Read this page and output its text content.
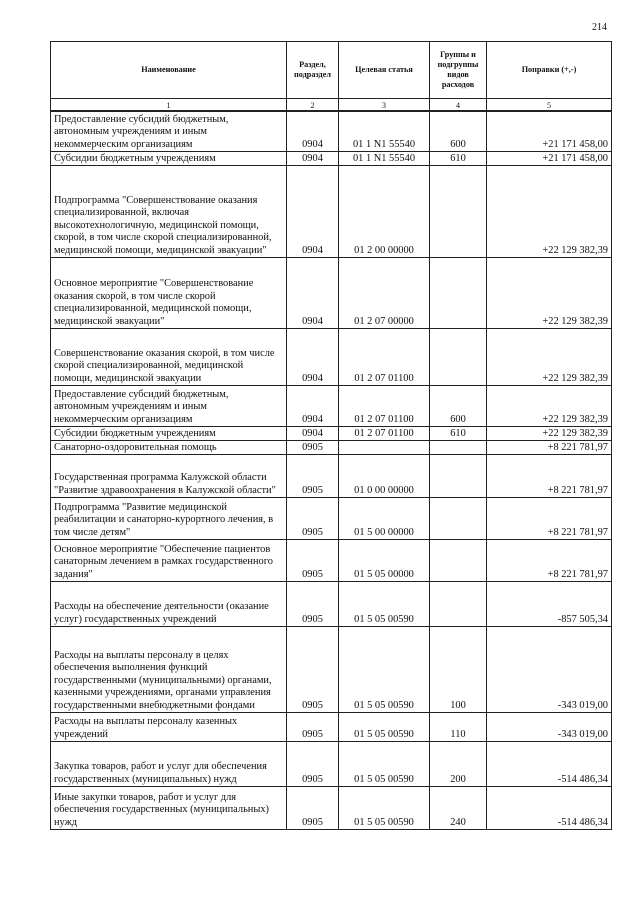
214
Наименование	Раздел, подраздел	Целевая статья	Группы и подгруппы видов расходов	Поправки (+,-)
1	2	3	4	5
Предоставление субсидий бюджетным, автономным учреждениям и иным некоммерческим организациям	0904	01 1 N1 55540	600	+21 171 458,00
Субсидии бюджетным учреждениям	0904	01 1 N1 55540	610	+21 171 458,00
Подпрограмма "Совершенствование оказания специализированной, включая высокотехнологичную, медицинской помощи, скорой, в том числе скорой специализированной, медицинской помощи, медицинской эвакуации"	0904	01 2 00 00000		+22 129 382,39
Основное мероприятие "Совершенствование оказания скорой, в том числе скорой специализированной, медицинской помощи, медицинской эвакуации"	0904	01 2 07 00000		+22 129 382,39
Совершенствование оказания скорой, в том числе скорой специализированной, медицинской помощи, медицинской эвакуации	0904	01 2 07 01100		+22 129 382,39
Предоставление субсидий бюджетным, автономным учреждениям и иным некоммерческим организациям	0904	01 2 07 01100	600	+22 129 382,39
Субсидии бюджетным учреждениям	0904	01 2 07 01100	610	+22 129 382,39
Санаторно-оздоровительная помощь	0905			+8 221 781,97
Государственная программа Калужской области "Развитие здравоохранения в Калужской области"	0905	01 0 00 00000		+8 221 781,97
Подпрограмма "Развитие медицинской реабилитации и санаторно-курортного лечения, в том числе детям"	0905	01 5 00 00000		+8 221 781,97
Основное мероприятие "Обеспечение пациентов санаторным лечением в рамках государственного задания"	0905	01 5 05 00000		+8 221 781,97
Расходы на обеспечение деятельности (оказание услуг) государственных учреждений	0905	01 5 05 00590		-857 505,34
Расходы на выплаты персоналу в целях обеспечения выполнения функций государственными (муниципальными) органами, казенными учреждениями, органами управления государственными внебюджетными фондами	0905	01 5 05 00590	100	-343 019,00
Расходы на выплаты персоналу казенных учреждений	0905	01 5 05 00590	110	-343 019,00
Закупка товаров, работ и услуг для обеспечения государственных (муниципальных) нужд	0905	01 5 05 00590	200	-514 486,34
Иные закупки товаров, работ и услуг для обеспечения государственных (муниципальных) нужд	0905	01 5 05 00590	240	-514 486,34
